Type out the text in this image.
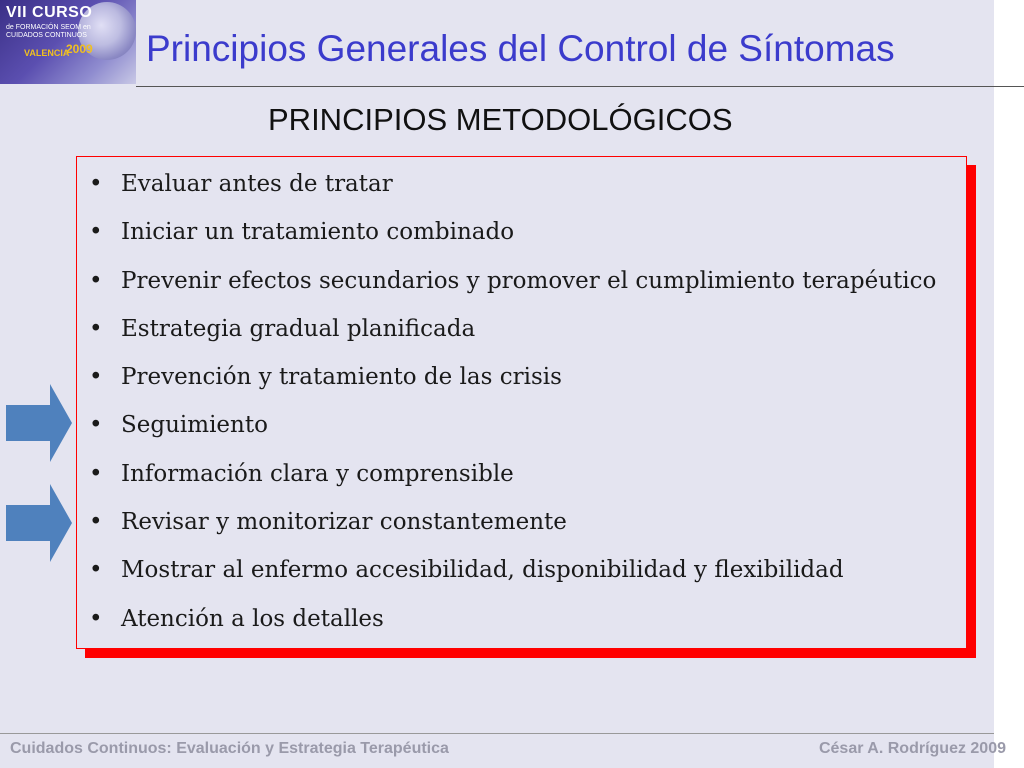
VII CURSO
de FORMACIÓN SEOM en CUIDADOS CONTINUOS
VALENCIA
2009 Principios Generales del Control de Síntomas
PRINCIPIOS METODOLÓGICOS
• Evaluar antes de tratar
• Iniciar un tratamiento combinado
• Prevenir efectos secundarios y promover el cumplimiento terapéutico
• Estrategia gradual planificada
• Prevención y tratamiento de las crisis
• Seguimiento
• Información clara y comprensible
• Revisar y monitorizar constantemente
• Mostrar al enfermo accesibilidad, disponibilidad y flexibilidad
• Atención a los detalles
Cuidados Continuos: Evaluación y Estrategia Terapéutica	César A. Rodríguez 2009
